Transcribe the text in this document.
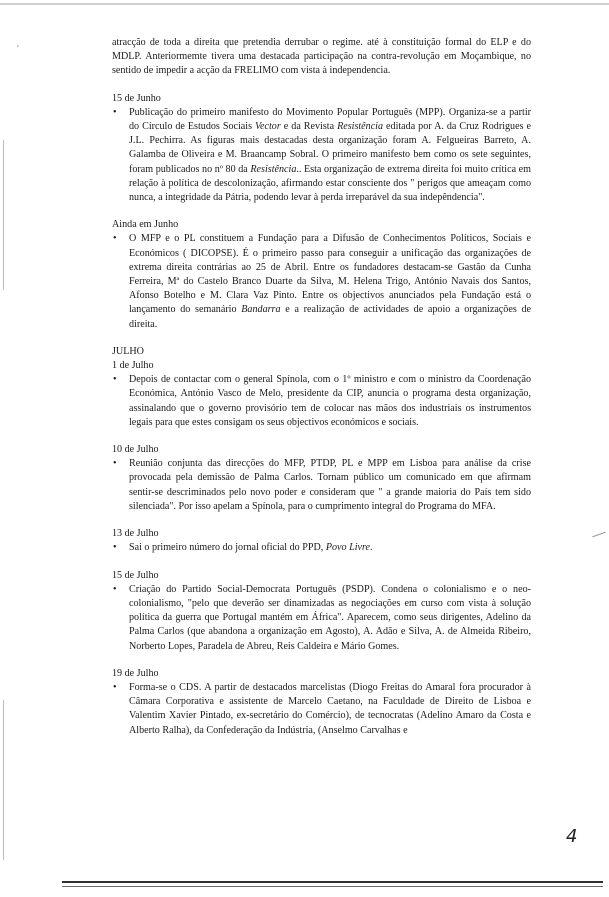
'

atracção de toda a direita que pretendia derrubar o regime. até à constituição formal do ELP e do MDLP. Anteriormemte tivera uma destacada participação na contra-revolução em Moçambique, no sentido de impedir a acção da FRELIMO com vista à independencia.

15 de Junho

• Publicação do primeiro manifesto do Movimento Popular Português (MPP). Organiza-se a partir do Círculo de Estudos Sociais Vector e da Revista Resistência editada por A. da Cruz Rodrigues e J.L. Pechirra. As figuras mais destacadas desta organização foram A. Felgueiras Barreto, A. Galamba de Oliveira e M. Braancamp Sobral. O primeiro manifesto bem como os sete seguintes, foram publicados no nº 80 da Resistência.. Esta organização de extrema direita foi muito crítica em relação à política de descolonização, afirmando estar consciente dos " perigos que ameaçam como nunca, a integridade da Pátria, podendo levar à perda irreparável da sua indepêndencia".

Ainda em Junho

• O MFP e o PL constituem a Fundação para a Difusão de Conhecimentos Políticos, Sociais e Económicos ( DICOPSE). É o primeiro passo para conseguir a unificação das organizações de extrema direita contrárias ao 25 de Abril. Entre os fundadores destacam-se Gastão da Cunha Ferreira, Mª do Castelo Branco Duarte da Silva, M. Helena Trigo, António Navais dos Santos, Afonso Botelho e M. Clara Vaz Pinto. Entre os objectivos anunciados pela Fundação está o lançamento do semanário Bandarra e a realização de actividades de apoio a organizações de direita.

JULHO

1 de Julho

• Depois de contactar com o general Spínola, com o 1º ministro e com o ministro da Coordenação Económica, António Vasco de Melo, presidente da CIP, anuncia o programa desta organização, assinalando que o governo provisório tem de colocar nas mãos dos industriais os instrumentos legais para que estes consigam os seus objectivos económicos e sociais.

10 de Julho

• Reunião conjunta das direcções do MFP, PTDP, PL e MPP em Lisboa para análise da crise provocada pela demissão de Palma Carlos. Tornam público um comunicado em que afirmam sentir-se descriminados pelo novo poder e consideram que " a grande maioria do País tem sido silenciada". Por isso apelam a Spínola, para o cumprimento integral do Programa do MFA.

13 de Julho

• Sai o primeiro número do jornal oficial do PPD, Povo Livre.

15 de Julho

• Criação do Partido Social-Democrata Português (PSDP). Condena o colonialismo e o neo-colonialismo, "pelo que deverão ser dinamizadas as negociações em curso com vista à solução política da guerra que Portugal mantém em África". Aparecem, como seus dirigentes, Adelino da Palma Carlos (que abandona a organização em Agosto), A. Adão e Silva, A. de Almeida Ribeiro, Norberto Lopes, Paradela de Abreu, Reis Caldeira e Mário Gomes.

19 de Julho

• Forma-se o CDS. A partir de destacados marcelistas (Diogo Freitas do Amaral fora procurador à Câmara Corporativa e assistente de Marcelo Caetano, na Faculdade de Direito de Lisboa e Valentim Xavier Pintado, ex-secretário do Comércio), de tecnocratas (Adelino Amaro da Costa e Alberto Ralha), da Confederação da Indústria, (Anselmo Carvalhas e

4
